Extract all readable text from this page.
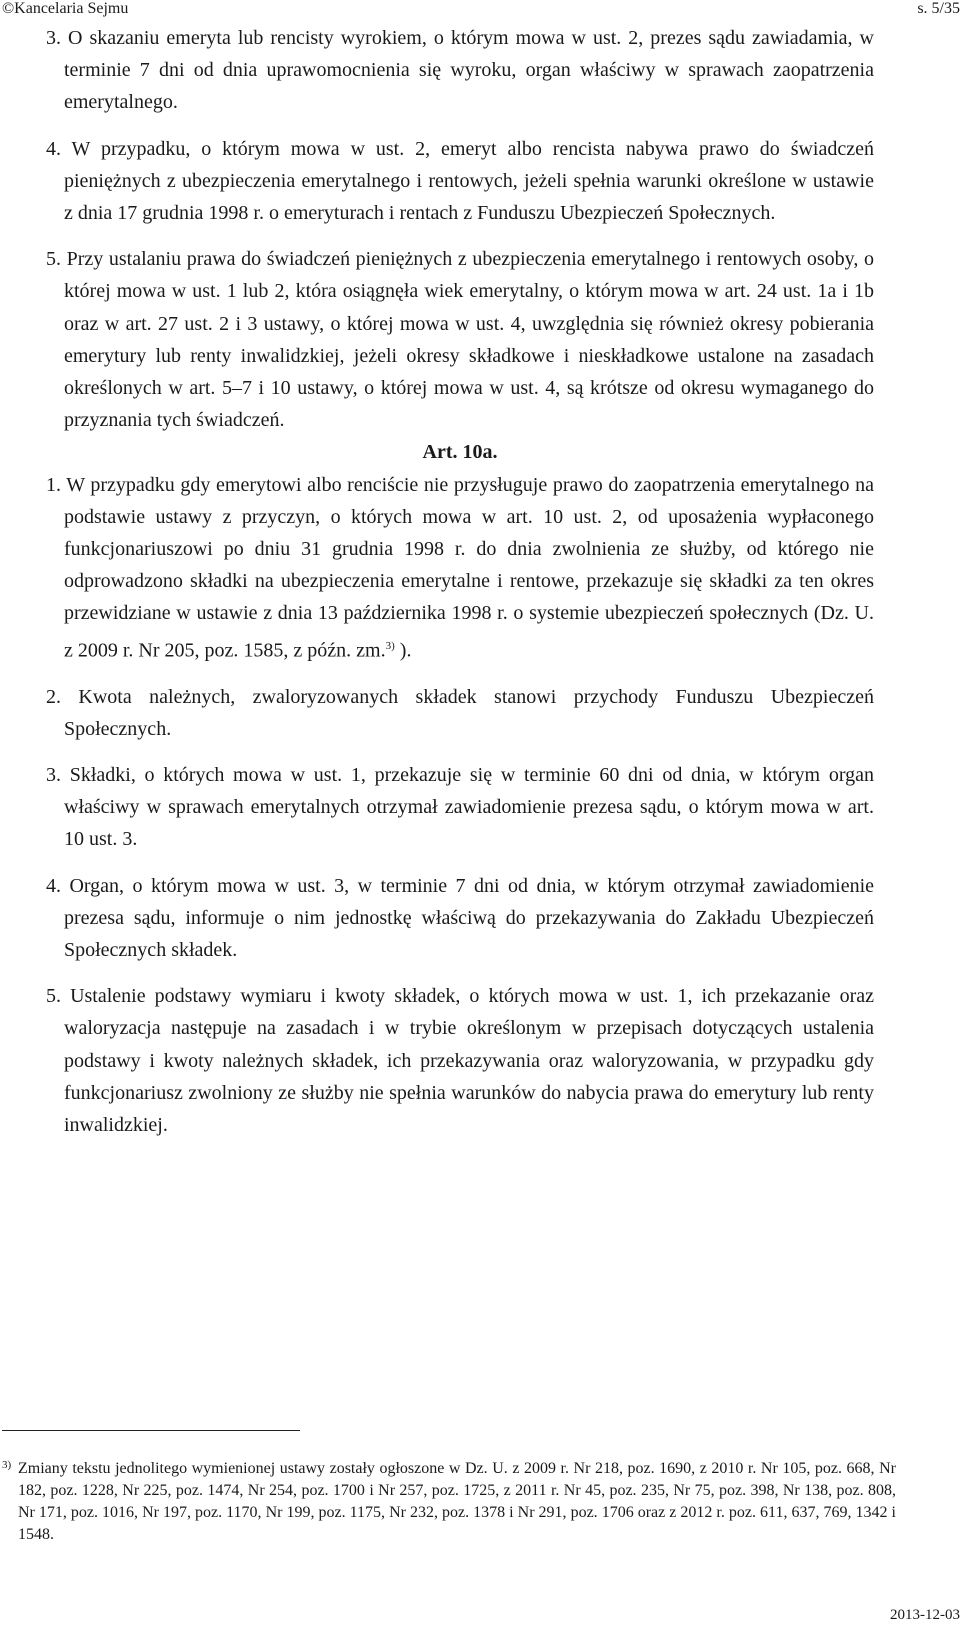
©Kancelaria Sejmu	s. 5/35

3. O skazaniu emeryta lub rencisty wyrokiem, o którym mowa w ust. 2, prezes sądu zawiadamia, w terminie 7 dni od dnia uprawomocnienia się wyroku, organ właściwy w sprawach zaopatrzenia emerytalnego.

4. W przypadku, o którym mowa w ust. 2, emeryt albo rencista nabywa prawo do świadczeń pieniężnych z ubezpieczenia emerytalnego i rentowych, jeżeli spełnia warunki określone w ustawie z dnia 17 grudnia 1998 r. o emeryturach i rentach z Funduszu Ubezpieczeń Społecznych.

5. Przy ustalaniu prawa do świadczeń pieniężnych z ubezpieczenia emerytalnego i rentowych osoby, o której mowa w ust. 1 lub 2, która osiągnęła wiek emerytalny, o którym mowa w art. 24 ust. 1a i 1b oraz w art. 27 ust. 2 i 3 ustawy, o której mowa w ust. 4, uwzględnia się również okresy pobierania emerytury lub renty inwalidzkiej, jeżeli okresy składkowe i nieskładkowe ustalone na zasadach określonych w art. 5–7 i 10 ustawy, o której mowa w ust. 4, są krótsze od okresu wymaganego do przyznania tych świadczeń.

Art. 10a.

1. W przypadku gdy emerytowi albo renciście nie przysługuje prawo do zaopatrzenia emerytalnego na podstawie ustawy z przyczyn, o których mowa w art. 10 ust. 2, od uposażenia wypłaconego funkcjonariuszowi po dniu 31 grudnia 1998 r. do dnia zwolnienia ze służby, od którego nie odprowadzono składki na ubezpieczenia emerytalne i rentowe, przekazuje się składki za ten okres przewidziane w ustawie z dnia 13 października 1998 r. o systemie ubezpieczeń społecznych (Dz. U. z 2009 r. Nr 205, poz. 1585, z późn. zm.$^{3)}$ ).

2. Kwota należnych, zwaloryzowanych składek stanowi przychody Funduszu Ubezpieczeń Społecznych.

3. Składki, o których mowa w ust. 1, przekazuje się w terminie 60 dni od dnia, w którym organ właściwy w sprawach emerytalnych otrzymał zawiadomienie prezesa sądu, o którym mowa w art. 10 ust. 3.

4. Organ, o którym mowa w ust. 3, w terminie 7 dni od dnia, w którym otrzymał zawiadomienie prezesa sądu, informuje o nim jednostkę właściwą do przekazywania do Zakładu Ubezpieczeń Społecznych składek.

5. Ustalenie podstawy wymiaru i kwoty składek, o których mowa w ust. 1, ich przekazanie oraz waloryzacja następuje na zasadach i w trybie określonym w przepisach dotyczących ustalenia podstawy i kwoty należnych składek, ich przekazywania oraz waloryzowania, w przypadku gdy funkcjonariusz zwolniony ze służby nie spełnia warunków do nabycia prawa do emerytury lub renty inwalidzkiej.

3) Zmiany tekstu jednolitego wymienionej ustawy zostały ogłoszone w Dz. U. z 2009 r. Nr 218, poz. 1690, z 2010 r. Nr 105, poz. 668, Nr 182, poz. 1228, Nr 225, poz. 1474, Nr 254, poz. 1700 i Nr 257, poz. 1725, z 2011 r. Nr 45, poz. 235, Nr 75, poz. 398, Nr 138, poz. 808, Nr 171, poz. 1016, Nr 197, poz. 1170, Nr 199, poz. 1175, Nr 232, poz. 1378 i Nr 291, poz. 1706 oraz z 2012 r. poz. 611, 637, 769, 1342 i 1548.
2013-12-03
